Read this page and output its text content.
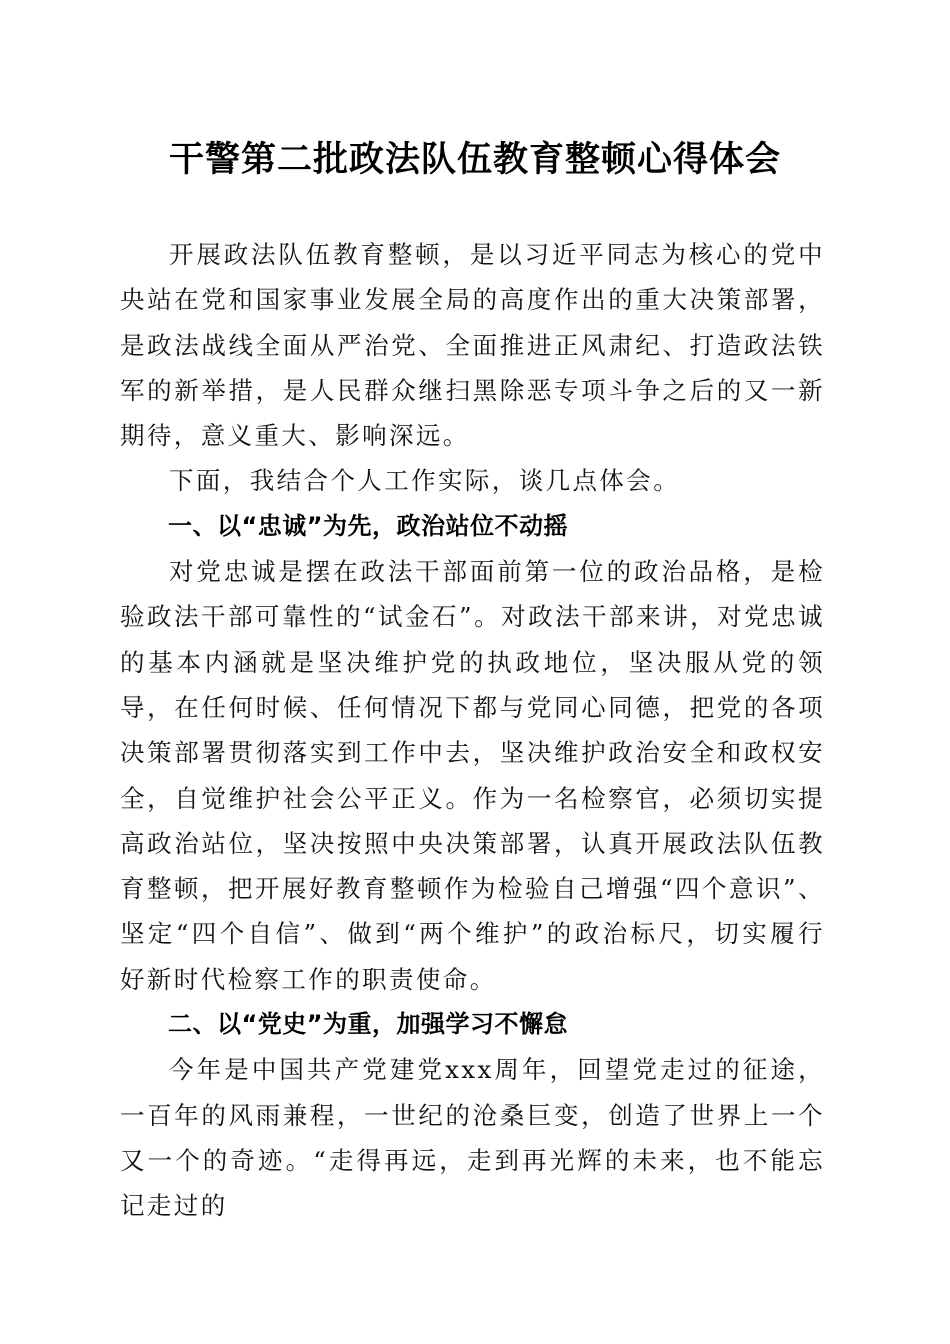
干警第二批政法队伍教育整顿心得体会

开展政法队伍教育整顿，是以习近平同志为核心的党中央站在党和国家事业发展全局的高度作出的重大决策部署，是政法战线全面从严治党、全面推进正风肃纪、打造政法铁军的新举措，是人民群众继扫黑除恶专项斗争之后的又一新期待，意义重大、影响深远。

下面，我结合个人工作实际，谈几点体会。

一、以“忠诚”为先，政治站位不动摇

对党忠诚是摆在政法干部面前第一位的政治品格，是检验政法干部可靠性的“试金石”。对政法干部来讲，对党忠诚的基本内涵就是坚决维护党的执政地位，坚决服从党的领导，在任何时候、任何情况下都与党同心同德，把党的各项决策部署贯彻落实到工作中去，坚决维护政治安全和政权安全，自觉维护社会公平正义。作为一名检察官，必须切实提高政治站位，坚决按照中央决策部署，认真开展政法队伍教育整顿，把开展好教育整顿作为检验自己增强“四个意识”、坚定“四个自信”、做到“两个维护”的政治标尺，切实履行好新时代检察工作的职责使命。

二、以“党史”为重，加强学习不懈怠

今年是中国共产党建党xxx周年，回望党走过的征途，一百年的风雨兼程，一世纪的沧桑巨变，创造了世界上一个又一个的奇迹。“走得再远，走到再光辉的未来，也不能忘记走过的
